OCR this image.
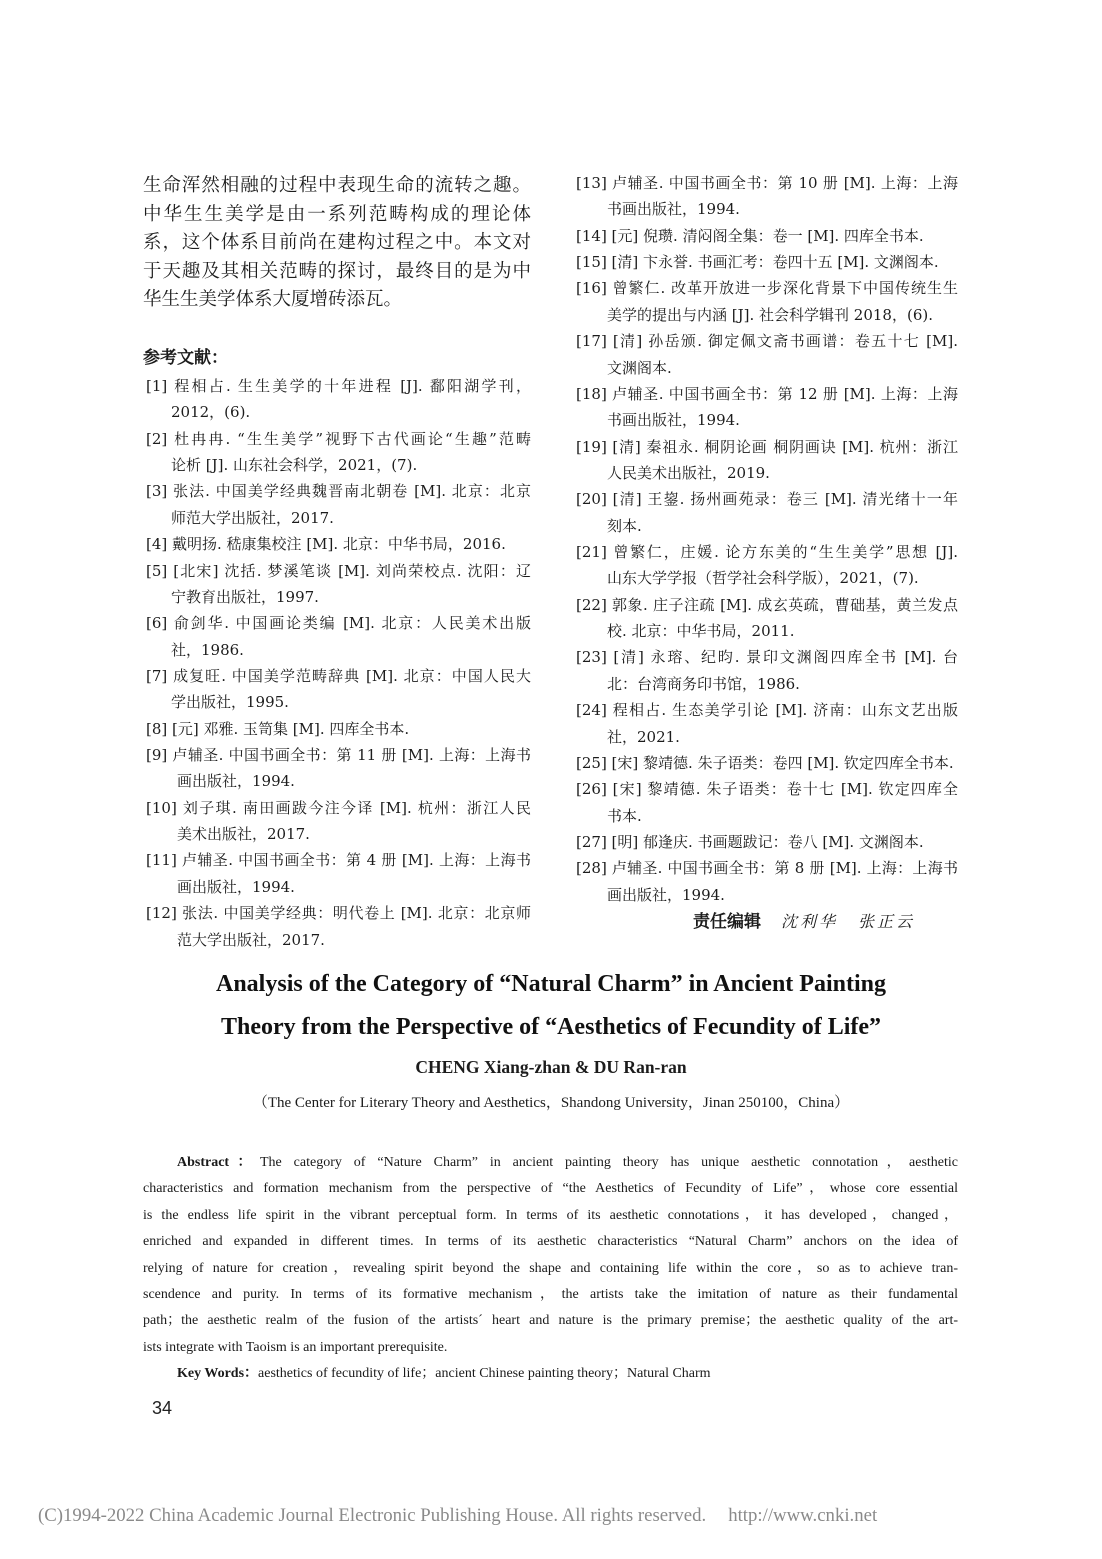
生命浑然相融的过程中表现生命的流转之趣。
中华生生美学是由一系列范畴构成的理论体
系，这个体系目前尚在建构过程之中。本文对
于天趣及其相关范畴的探讨，最终目的是为中
华生生美学体系大厦增砖添瓦。
参考文献：
[1] 程相占. 生生美学的十年进程 [J]. 鄱阳湖学刊，
2012，(6).
[2] 杜冉冉. “生生美学”视野下古代画论“生趣”范畴
论析 [J]. 山东社会科学，2021，(7).
[3] 张法. 中国美学经典魏晋南北朝卷 [M]. 北京：北京
师范大学出版社，2017.
[4] 戴明扬. 嵇康集校注 [M]. 北京：中华书局，2016.
[5] [北宋] 沈括. 梦溪笔谈 [M]. 刘尚荣校点. 沈阳：辽
宁教育出版社，1997.
[6] 俞剑华. 中国画论类编 [M]. 北京：人民美术出版
社，1986.
[7] 成复旺. 中国美学范畴辞典 [M]. 北京：中国人民大
学出版社，1995.
[8] [元] 邓雅. 玉笥集 [M]. 四库全书本.
[9] 卢辅圣. 中国书画全书：第 11 册 [M]. 上海：上海书
画出版社，1994.
[10] 刘子琪. 南田画跋今注今译 [M]. 杭州：浙江人民
美术出版社，2017.
[11] 卢辅圣. 中国书画全书：第 4 册 [M]. 上海：上海书
画出版社，1994.
[12] 张法. 中国美学经典：明代卷上 [M]. 北京：北京师
范大学出版社，2017.
[13] 卢辅圣. 中国书画全书：第 10 册 [M]. 上海：上海
书画出版社，1994.
[14] [元] 倪瓒. 清闷阁全集：卷一 [M]. 四库全书本.
[15] [清] 卞永誉. 书画汇考：卷四十五 [M]. 文渊阁本.
[16] 曾繁仁. 改革开放进一步深化背景下中国传统生生
美学的提出与内涵 [J]. 社会科学辑刊 2018，(6).
[17] [清] 孙岳颁. 御定佩文斋书画谱：卷五十七 [M].
文渊阁本.
[18] 卢辅圣. 中国书画全书：第 12 册 [M]. 上海：上海
书画出版社，1994.
[19] [清] 秦祖永. 桐阴论画 桐阴画诀 [M]. 杭州：浙江
人民美术出版社，2019.
[20] [清] 王鋆. 扬州画苑录：卷三 [M]. 清光绪十一年
刻本.
[21] 曾繁仁，庄媛. 论方东美的“生生美学”思想 [J].
山东大学学报（哲学社会科学版），2021，(7).
[22] 郭象. 庄子注疏 [M]. 成玄英疏，曹础基，黄兰发点
校. 北京：中华书局，2011.
[23] [清] 永瑢、纪昀. 景印文渊阁四库全书 [M]. 台
北：台湾商务印书馆，1986.
[24] 程相占. 生态美学引论 [M]. 济南：山东文艺出版
社，2021.
[25] [宋] 黎靖德. 朱子语类：卷四 [M]. 钦定四库全书本.
[26] [宋] 黎靖德. 朱子语类：卷十七 [M]. 钦定四库全
书本.
[27] [明] 郁逢庆. 书画题跋记：卷八 [M]. 文渊阁本.
[28] 卢辅圣. 中国书画全书：第 8 册 [M]. 上海：上海书
画出版社，1994.
责任编辑 沈利华 张正云
Analysis of the Category of “Natural Charm” in Ancient Painting
Theory from the Perspective of “Aesthetics of Fecundity of Life”
CHENG Xiang-zhan & DU Ran-ran
（The Center for Literary Theory and Aesthetics，Shandong University，Jinan 250100，China）
Abstract：The category of “Nature Charm” in ancient painting theory has unique aesthetic connotation，aesthetic
characteristics and formation mechanism from the perspective of “the Aesthetics of Fecundity of Life”，whose core essential
is the endless life spirit in the vibrant perceptual form. In terms of its aesthetic connotations，it has developed，changed，
enriched and expanded in different times. In terms of its aesthetic characteristics “Natural Charm” anchors on the idea of
relying of nature for creation，revealing spirit beyond the shape and containing life within the core，so as to achieve tran-
scendence and purity. In terms of its formative mechanism，the artists take the imitation of nature as their fundamental
path；the aesthetic realm of the fusion of the artists´ heart and nature is the primary premise；the aesthetic quality of the art-
ists integrate with Taoism is an important prerequisite.
Key Words：aesthetics of fecundity of life；ancient Chinese painting theory；Natural Charm
34
(C)1994-2022 China Academic Journal Electronic Publishing House. All rights reserved. http://www.cnki.net
